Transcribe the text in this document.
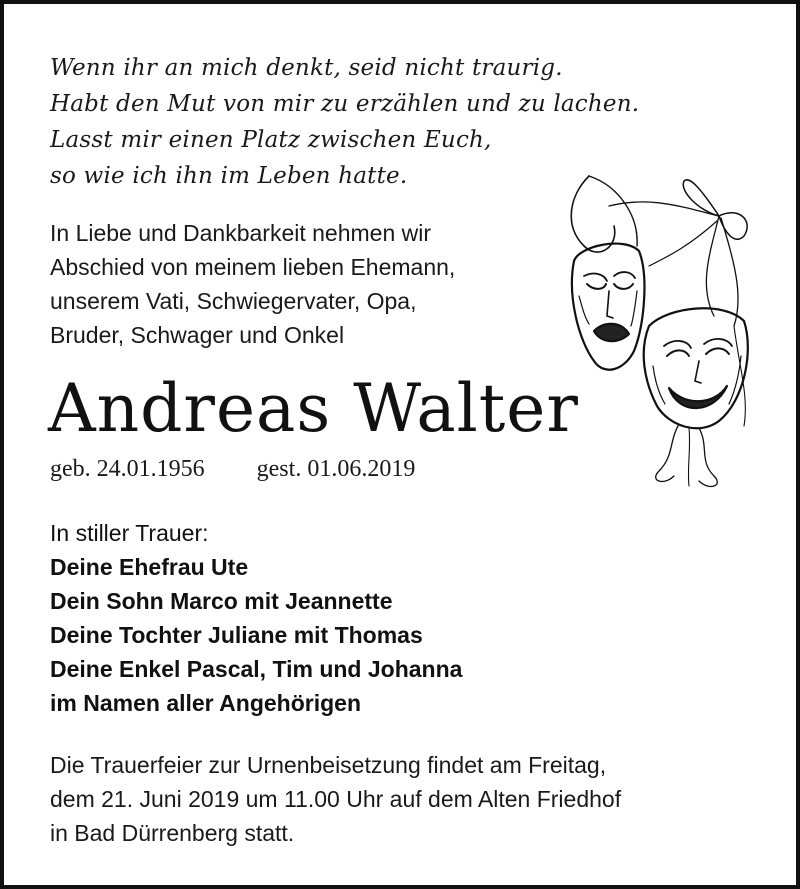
Wenn ihr an mich denkt, seid nicht traurig.
Habt den Mut von mir zu erzählen und zu lachen.
Lasst mir einen Platz zwischen Euch,
so wie ich ihn im Leben hatte.
In Liebe und Dankbarkeit nehmen wir
Abschied von meinem lieben Ehemann,
unserem Vati, Schwiegervater, Opa,
Bruder, Schwager und Onkel
Andreas Walter
geb. 24.01.1956 gest. 01.06.2019
In stiller Trauer:
Deine Ehefrau Ute
Dein Sohn Marco mit Jeannette
Deine Tochter Juliane mit Thomas
Deine Enkel Pascal, Tim und Johanna
im Namen aller Angehörigen
Die Trauerfeier zur Urnenbeisetzung findet am Freitag,
dem 21. Juni 2019 um 11.00 Uhr auf dem Alten Friedhof
in Bad Dürrenberg statt.
